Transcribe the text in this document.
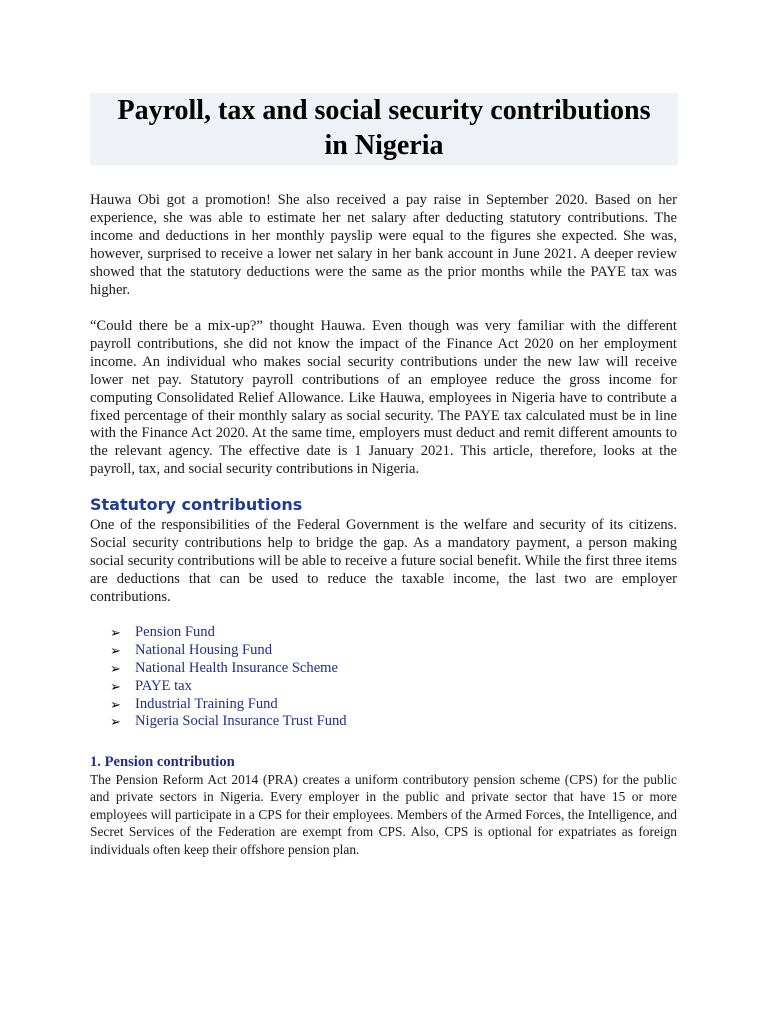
Payroll, tax and social security contributions
in Nigeria

Hauwa Obi got a promotion! She also received a pay raise in September 2020. Based on her experience, she was able to estimate her net salary after deducting statutory contributions. The income and deductions in her monthly payslip were equal to the figures she expected. She was, however, surprised to receive a lower net salary in her bank account in June 2021. A deeper review showed that the statutory deductions were the same as the prior months while the PAYE tax was higher.

“Could there be a mix-up?” thought Hauwa. Even though was very familiar with the different payroll contributions, she did not know the impact of the Finance Act 2020 on her employment income. An individual who makes social security contributions under the new law will receive lower net pay. Statutory payroll contributions of an employee reduce the gross income for computing Consolidated Relief Allowance. Like Hauwa, employees in Nigeria have to contribute a fixed percentage of their monthly salary as social security. The PAYE tax calculated must be in line with the Finance Act 2020. At the same time, employers must deduct and remit different amounts to the relevant agency. The effective date is 1 January 2021. This article, therefore, looks at the payroll, tax, and social security contributions in Nigeria.

Statutory contributions

One of the responsibilities of the Federal Government is the welfare and security of its citizens. Social security contributions help to bridge the gap. As a mandatory payment, a person making social security contributions will be able to receive a future social benefit. While the first three items are deductions that can be used to reduce the taxable income, the last two are employer contributions.

➢ Pension Fund
➢ National Housing Fund
➢ National Health Insurance Scheme
➢ PAYE tax
➢ Industrial Training Fund
➢ Nigeria Social Insurance Trust Fund
1. Pension contribution

The Pension Reform Act 2014 (PRA) creates a uniform contributory pension scheme (CPS) for the public and private sectors in Nigeria. Every employer in the public and private sector that have 15 or more employees will participate in a CPS for their employees. Members of the Armed Forces, the Intelligence, and Secret Services of the Federation are exempt from CPS. Also, CPS is optional for expatriates as foreign individuals often keep their offshore pension plan.
